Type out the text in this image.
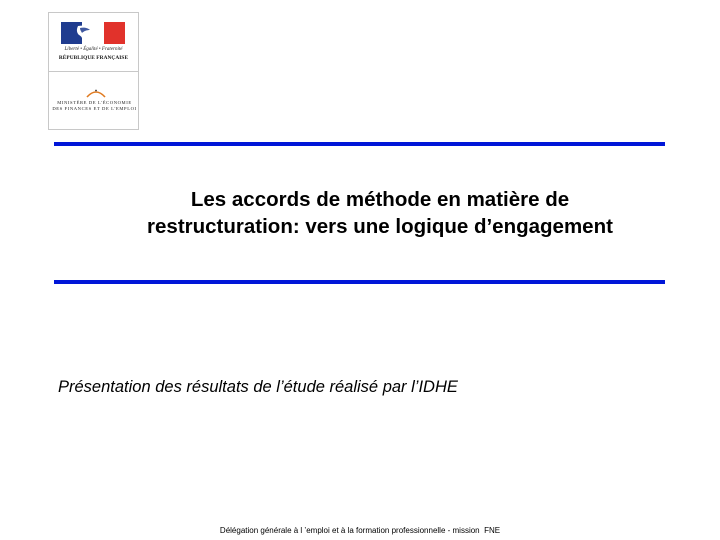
Liberté • Égalité • Fraternité
RÉPUBLIQUE FRANÇAISE
MINISTÈRE DE L'ÉCONOMIE
DES FINANCES ET DE L'EMPLOI
Les accords de méthode en matière de
restructuration: vers une logique d’engagement

Présentation des résultats de l’étude réalisé par l’IDHE

Délégation générale à l ’emploi et à la formation professionnelle - mission  FNE
